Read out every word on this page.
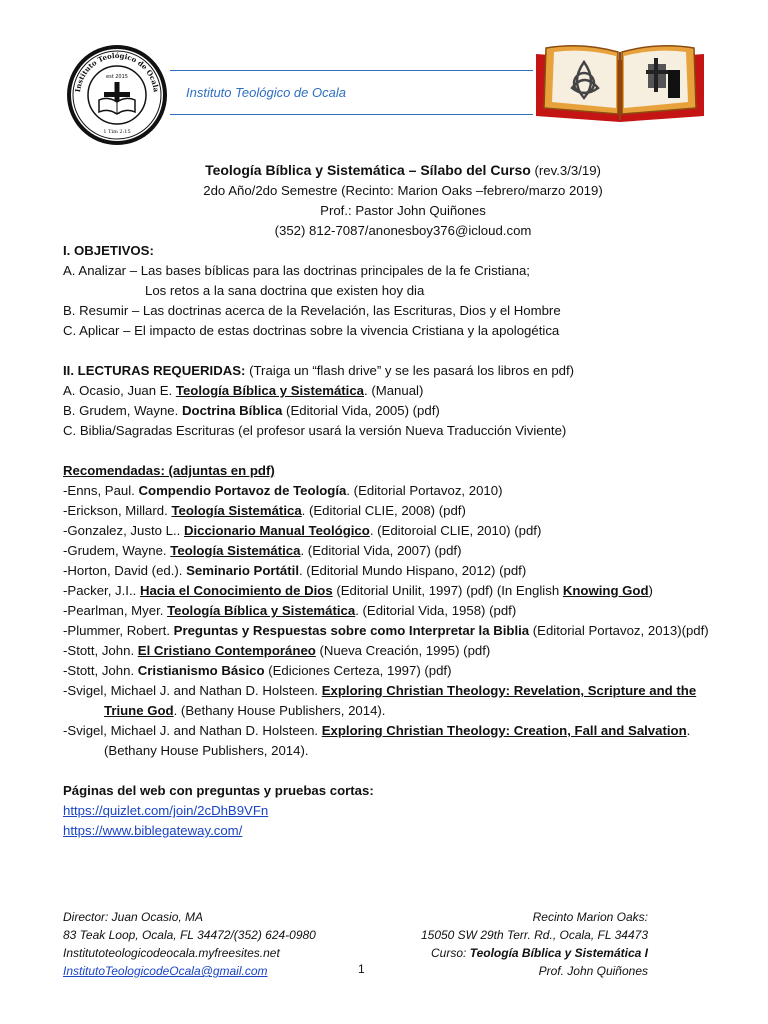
Instituto Teológico de Ocala
est 2015
1 Tim 2:15
Instituto Teológico de Ocala
Teología Bíblica y Sistemática – Sílabo del Curso (rev.3/3/19)
2do Año/2do Semestre (Recinto: Marion Oaks –febrero/marzo 2019)
Prof.: Pastor John Quiñones
(352) 812-7087/anonesboy376@icloud.com
I. OBJETIVOS:
A. Analizar – Las bases bíblicas para las doctrinas principales de la fe Cristiana;
Los retos a la sana doctrina que existen hoy dia
B. Resumir – Las doctrinas acerca de la Revelación, las Escrituras, Dios y el Hombre
C. Aplicar – El impacto de estas doctrinas sobre la vivencia Cristiana y la apologética
II. LECTURAS REQUERIDAS: (Traiga un “flash drive” y se les pasará los libros en pdf)
A. Ocasio, Juan E. Teología Bíblica y Sistemática. (Manual)
B. Grudem, Wayne. Doctrina Bíblica (Editorial Vida, 2005) (pdf)
C. Biblia/Sagradas Escrituras (el profesor usará la versión Nueva Traducción Viviente)
Recomendadas: (adjuntas en pdf)
-Enns, Paul. Compendio Portavoz de Teología. (Editorial Portavoz, 2010)
-Erickson, Millard. Teología Sistemática. (Editorial CLIE, 2008) (pdf)
-Gonzalez, Justo L.. Diccionario Manual Teológico. (Editoroial CLIE, 2010) (pdf)
-Grudem, Wayne. Teología Sistemática. (Editorial Vida, 2007) (pdf)
-Horton, David (ed.). Seminario Portátil. (Editorial Mundo Hispano, 2012) (pdf)
-Packer, J.I.. Hacia el Conocimiento de Dios (Editorial Unilit, 1997) (pdf) (In English Knowing God)
-Pearlman, Myer. Teología Bíblica y Sistemática. (Editorial Vida, 1958) (pdf)
-Plummer, Robert. Preguntas y Respuestas sobre como Interpretar la Biblia (Editorial Portavoz, 2013)(pdf)
-Stott, John. El Cristiano Contemporáneo (Nueva Creación, 1995) (pdf)
-Stott, John. Cristianismo Básico (Ediciones Certeza, 1997) (pdf)
-Svigel, Michael J. and Nathan D. Holsteen. Exploring Christian Theology: Revelation, Scripture and the
Triune God. (Bethany House Publishers, 2014).
-Svigel, Michael J. and Nathan D. Holsteen. Exploring Christian Theology: Creation, Fall and Salvation.
(Bethany House Publishers, 2014).
Páginas del web con preguntas y pruebas cortas:
https://quizlet.com/join/2cDhB9VFn
https://www.biblegateway.com/
Director: Juan Ocasio, MA
83 Teak Loop, Ocala, FL 34472/(352) 624-0980
Institutoteologicodeocala.myfreesites.net
InstitutoTeologicodeOcala@gmail.com	1
Recinto Marion Oaks:
15050 SW 29th Terr. Rd., Ocala, FL 34473
Curso: Teología Bíblica y Sistemática I
Prof. John Quiñones
